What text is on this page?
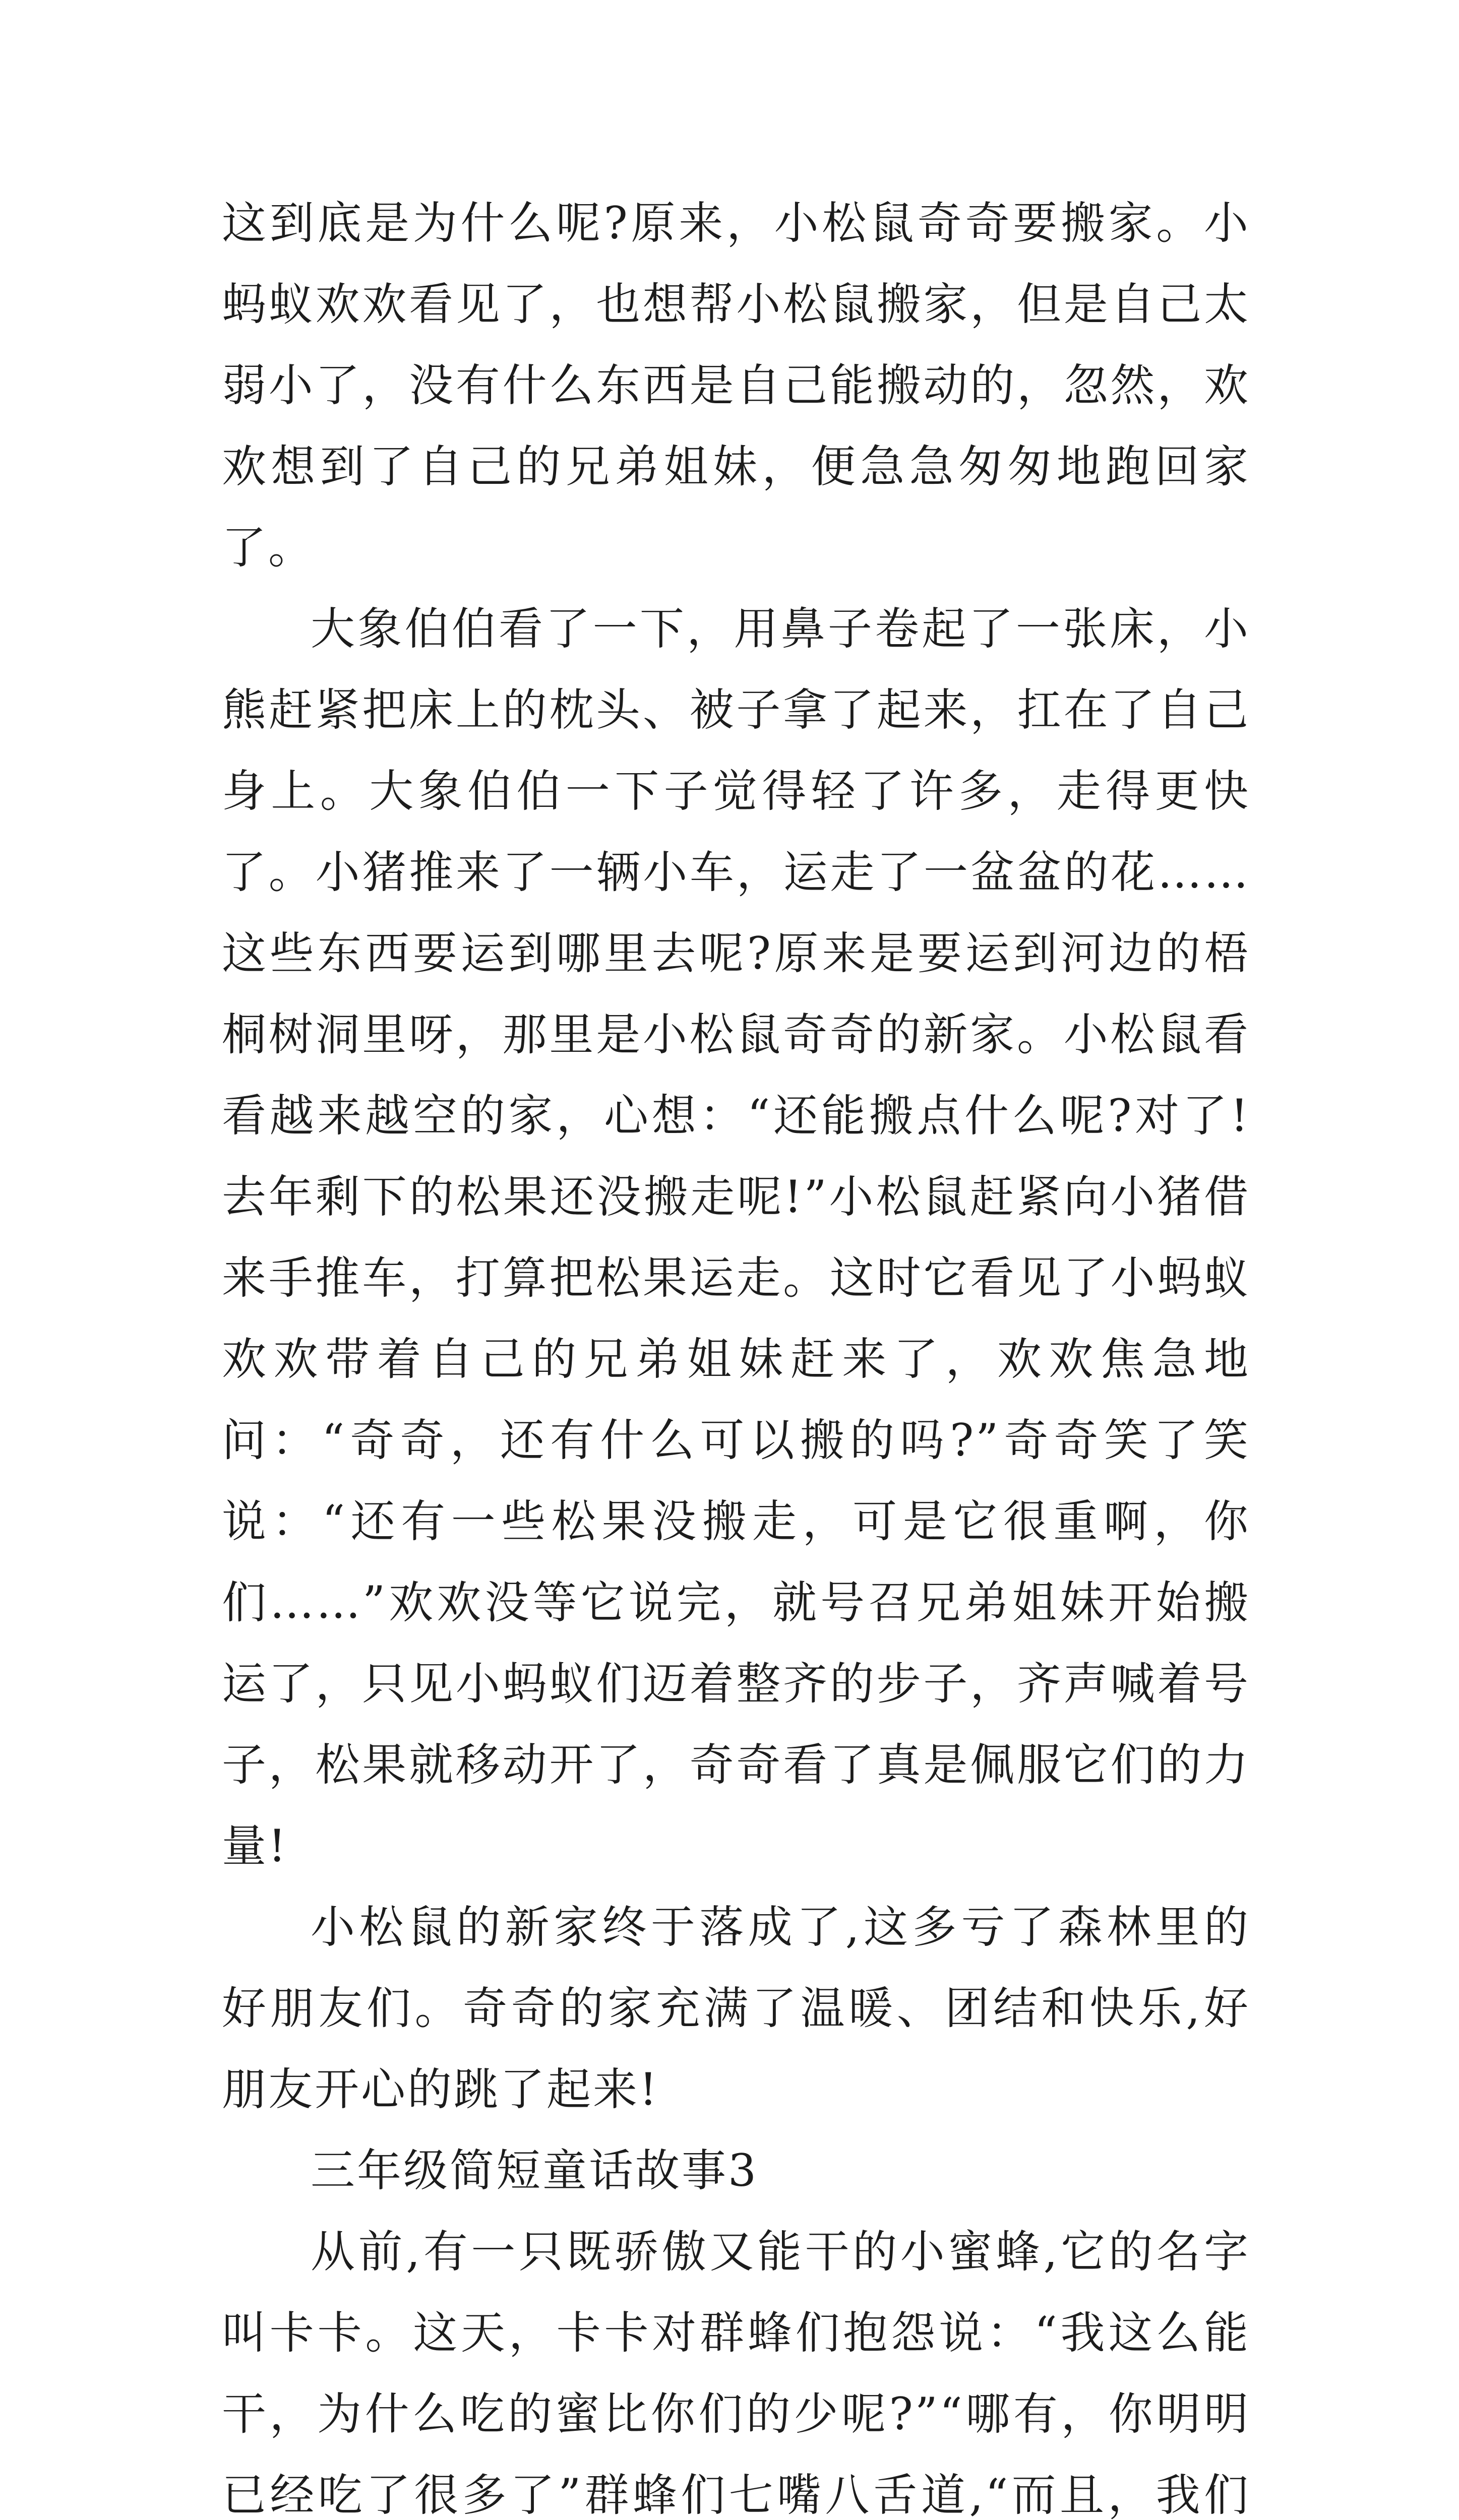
这到底是为什么呢?原来，小松鼠奇奇要搬家。小蚂蚁欢欢看见了，也想帮小松鼠搬家，但是自己太弱小了，没有什么东西是自己能搬动的，忽然，欢欢想到了自己的兄弟姐妹，便急急匆匆地跑回家了。

大象伯伯看了一下，用鼻子卷起了一张床，小熊赶紧把床上的枕头、被子拿了起来，扛在了自己身上。大象伯伯一下子觉得轻了许多，走得更快了。小猪推来了一辆小车，运走了一盆盆的花……这些东西要运到哪里去呢?原来是要运到河边的梧桐树洞里呀，那里是小松鼠奇奇的新家。小松鼠看看越来越空的家，心想：“还能搬点什么呢?对了!去年剩下的松果还没搬走呢!”小松鼠赶紧向小猪借来手推车，打算把松果运走。这时它看见了小蚂蚁欢欢带着自己的兄弟姐妹赶来了，欢欢焦急地问：“奇奇，还有什么可以搬的吗?”奇奇笑了笑说：“还有一些松果没搬走，可是它很重啊，你们……”欢欢没等它说完，就号召兄弟姐妹开始搬运了，只见小蚂蚁们迈着整齐的步子，齐声喊着号子，松果就移动开了，奇奇看了真是佩服它们的力量!

小松鼠的新家终于落成了,这多亏了森林里的好朋友们。奇奇的家充满了温暖、团结和快乐,好朋友开心的跳了起来!

三年级简短童话故事3

从前,有一只既骄傲又能干的小蜜蜂,它的名字叫卡卡。这天，卡卡对群蜂们抱怨说：“我这么能干，为什么吃的蜜比你们的少呢?”“哪有，你明明已经吃了很多了”群蜂们七嘴八舌道,“而且，我们
